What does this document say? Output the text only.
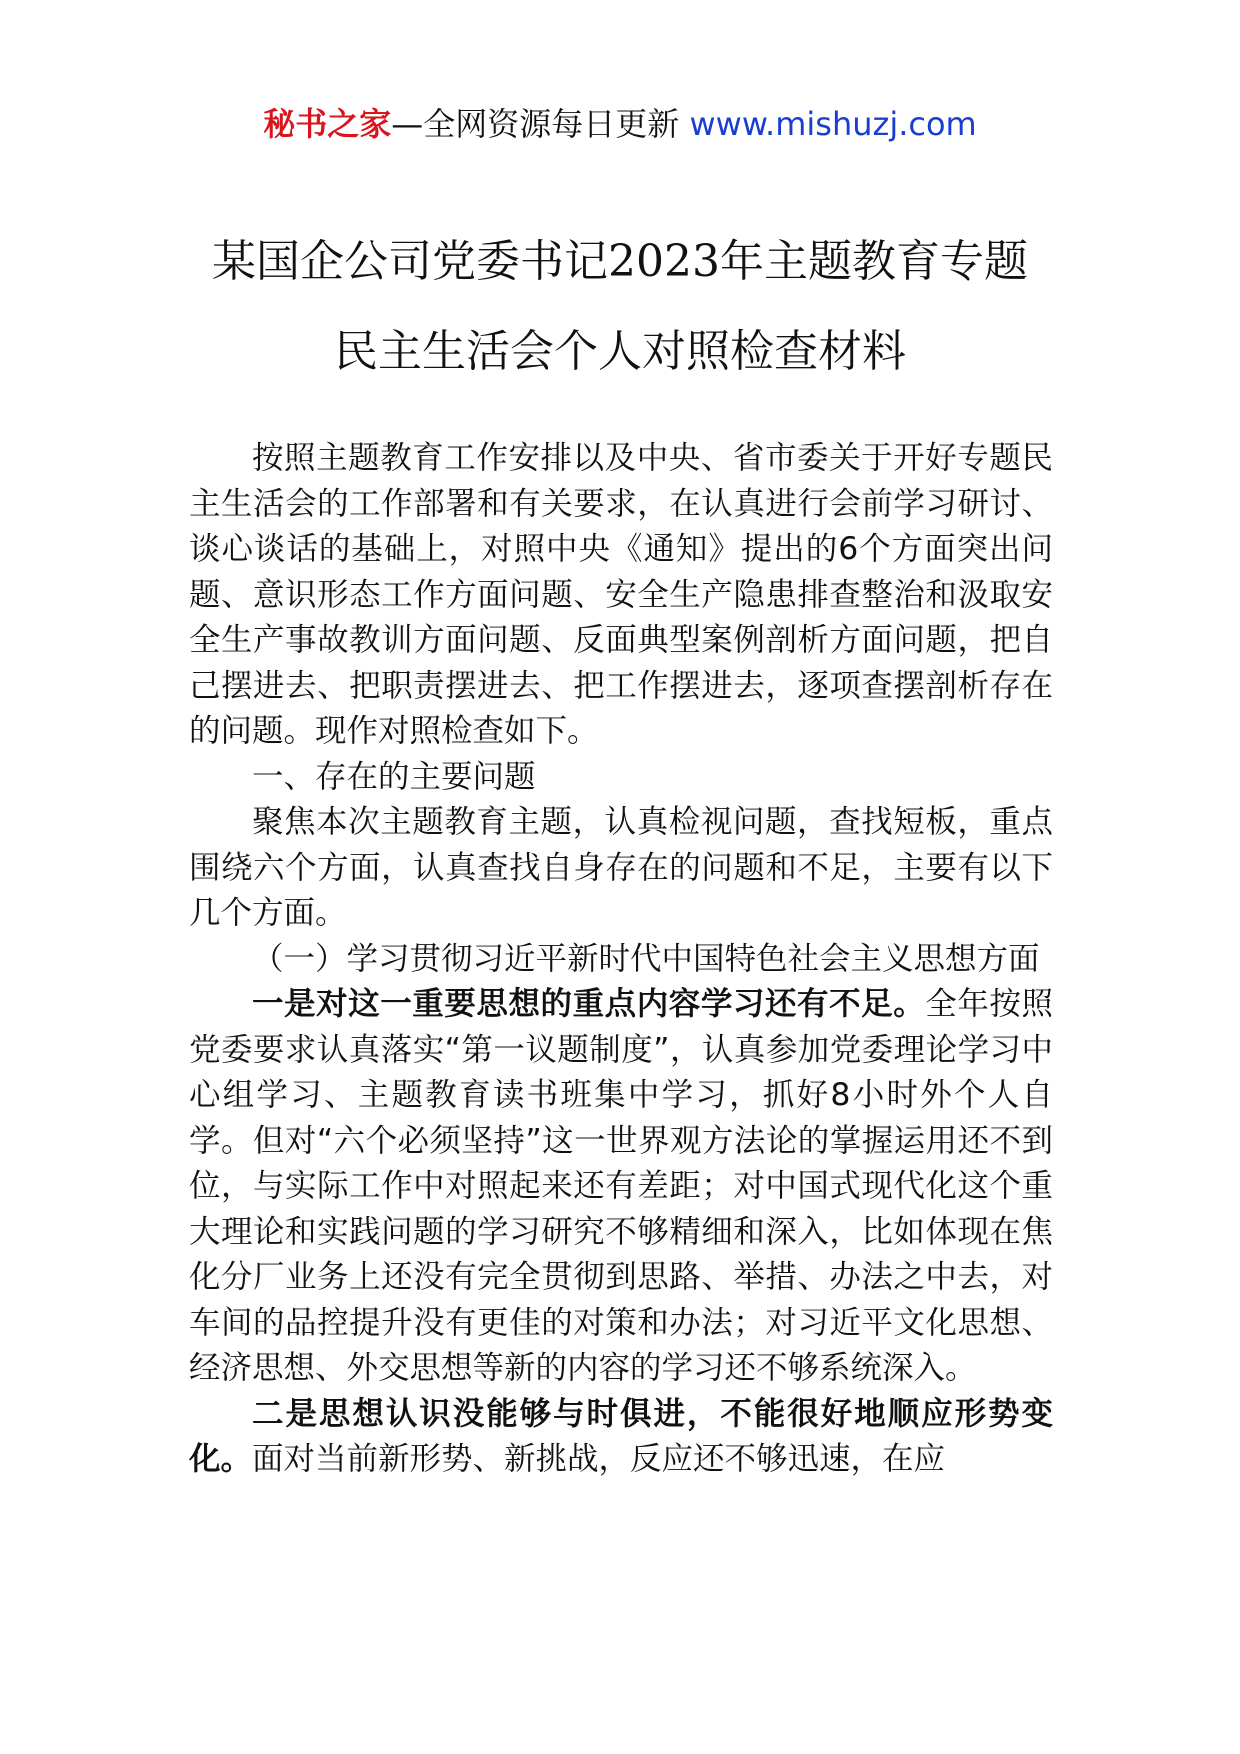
秘书之家—全网资源每日更新 www.mishuzj.com
某国企公司党委书记2023年主题教育专题
民主生活会个人对照检查材料

按照主题教育工作安排以及中央、省市委关于开好专题民主生活会的工作部署和有关要求，在认真进行会前学习研讨、谈心谈话的基础上，对照中央《通知》提出的6个方面突出问题、意识形态工作方面问题、安全生产隐患排查整治和汲取安全生产事故教训方面问题、反面典型案例剖析方面问题，把自己摆进去、把职责摆进去、把工作摆进去，逐项查摆剖析存在的问题。现作对照检查如下。

一、存在的主要问题

聚焦本次主题教育主题，认真检视问题，查找短板，重点围绕六个方面，认真查找自身存在的问题和不足，主要有以下几个方面。

（一）学习贯彻习近平新时代中国特色社会主义思想方面

一是对这一重要思想的重点内容学习还有不足。全年按照党委要求认真落实“第一议题制度”，认真参加党委理论学习中心组学习、主题教育读书班集中学习，抓好8小时外个人自学。但对“六个必须坚持”这一世界观方法论的掌握运用还不到位，与实际工作中对照起来还有差距；对中国式现代化这个重大理论和实践问题的学习研究不够精细和深入，比如体现在焦化分厂业务上还没有完全贯彻到思路、举措、办法之中去，对车间的品控提升没有更佳的对策和办法；对习近平文化思想、经济思想、外交思想等新的内容的学习还不够系统深入。

二是思想认识没能够与时俱进，不能很好地顺应形势变化。面对当前新形势、新挑战，反应还不够迅速，在应
